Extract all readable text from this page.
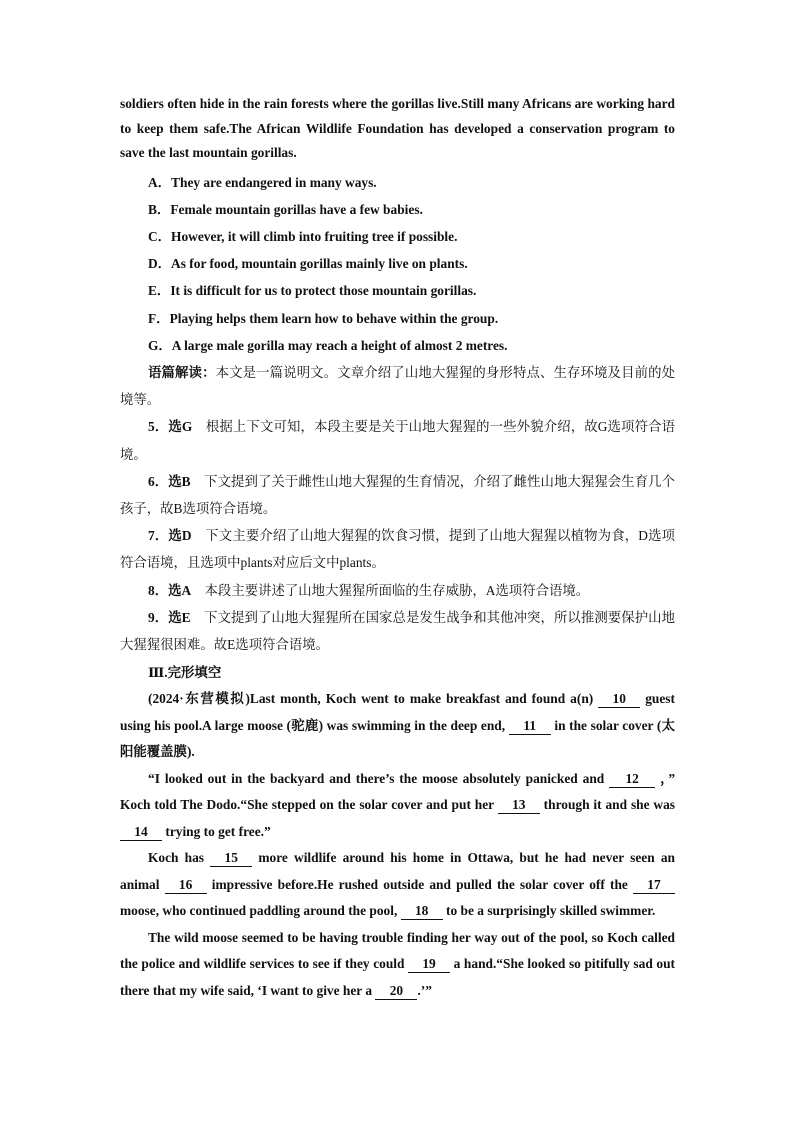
soldiers often hide in the rain forests where the gorillas live.Still many Africans are working hard to keep them safe.The African Wildlife Foundation has developed a conservation program to save the last mountain gorillas.

A．They are endangered in many ways.

B．Female mountain gorillas have a few babies.

C．However, it will climb into fruiting tree if possible.

D．As for food, mountain gorillas mainly live on plants.

E．It is difficult for us to protect those mountain gorillas.

F．Playing helps them learn how to behave within the group.

G．A large male gorilla may reach a height of almost 2 metres.

语篇解读：本文是一篇说明文。文章介绍了山地大猩猩的身形特点、生存环境及目前的处境等。

5．选G　根据上下文可知，本段主要是关于山地大猩猩的一些外貌介绍，故G选项符合语境。

6．选B　下文提到了关于雌性山地大猩猩的生育情况，介绍了雌性山地大猩猩会生育几个孩子，故B选项符合语境。

7．选D　下文主要介绍了山地大猩猩的饮食习惯，提到了山地大猩猩以植物为食，D选项符合语境，且选项中plants对应后文中plants。

8．选A　本段主要讲述了山地大猩猩所面临的生存威胁，A选项符合语境。

9．选E　下文提到了山地大猩猩所在国家总是发生战争和其他冲突，所以推测要保护山地大猩猩很困难。故E选项符合语境。

Ⅲ.完形填空

(2024·东营模拟)Last month, Koch went to make breakfast and found a(n) 10 guest using his pool.A large moose (驼鹿) was swimming in the deep end, 11 in the solar cover (太阳能覆盖膜).

“I looked out in the backyard and there’s the moose absolutely panicked and 12 ，” Koch told The Dodo.“She stepped on the solar cover and put her 13 through it and she was 14 trying to get free.”

Koch has 15 more wildlife around his home in Ottawa, but he had never seen an animal 16 impressive before.He rushed outside and pulled the solar cover off the 17 moose, who continued paddling around the pool, 18 to be a surprisingly skilled swimmer.

The wild moose seemed to be having trouble finding her way out of the pool, so Koch called the police and wildlife services to see if they could 19 a hand.“She looked so pitifully sad out there that my wife said, ‘I want to give her a 20 .’”
